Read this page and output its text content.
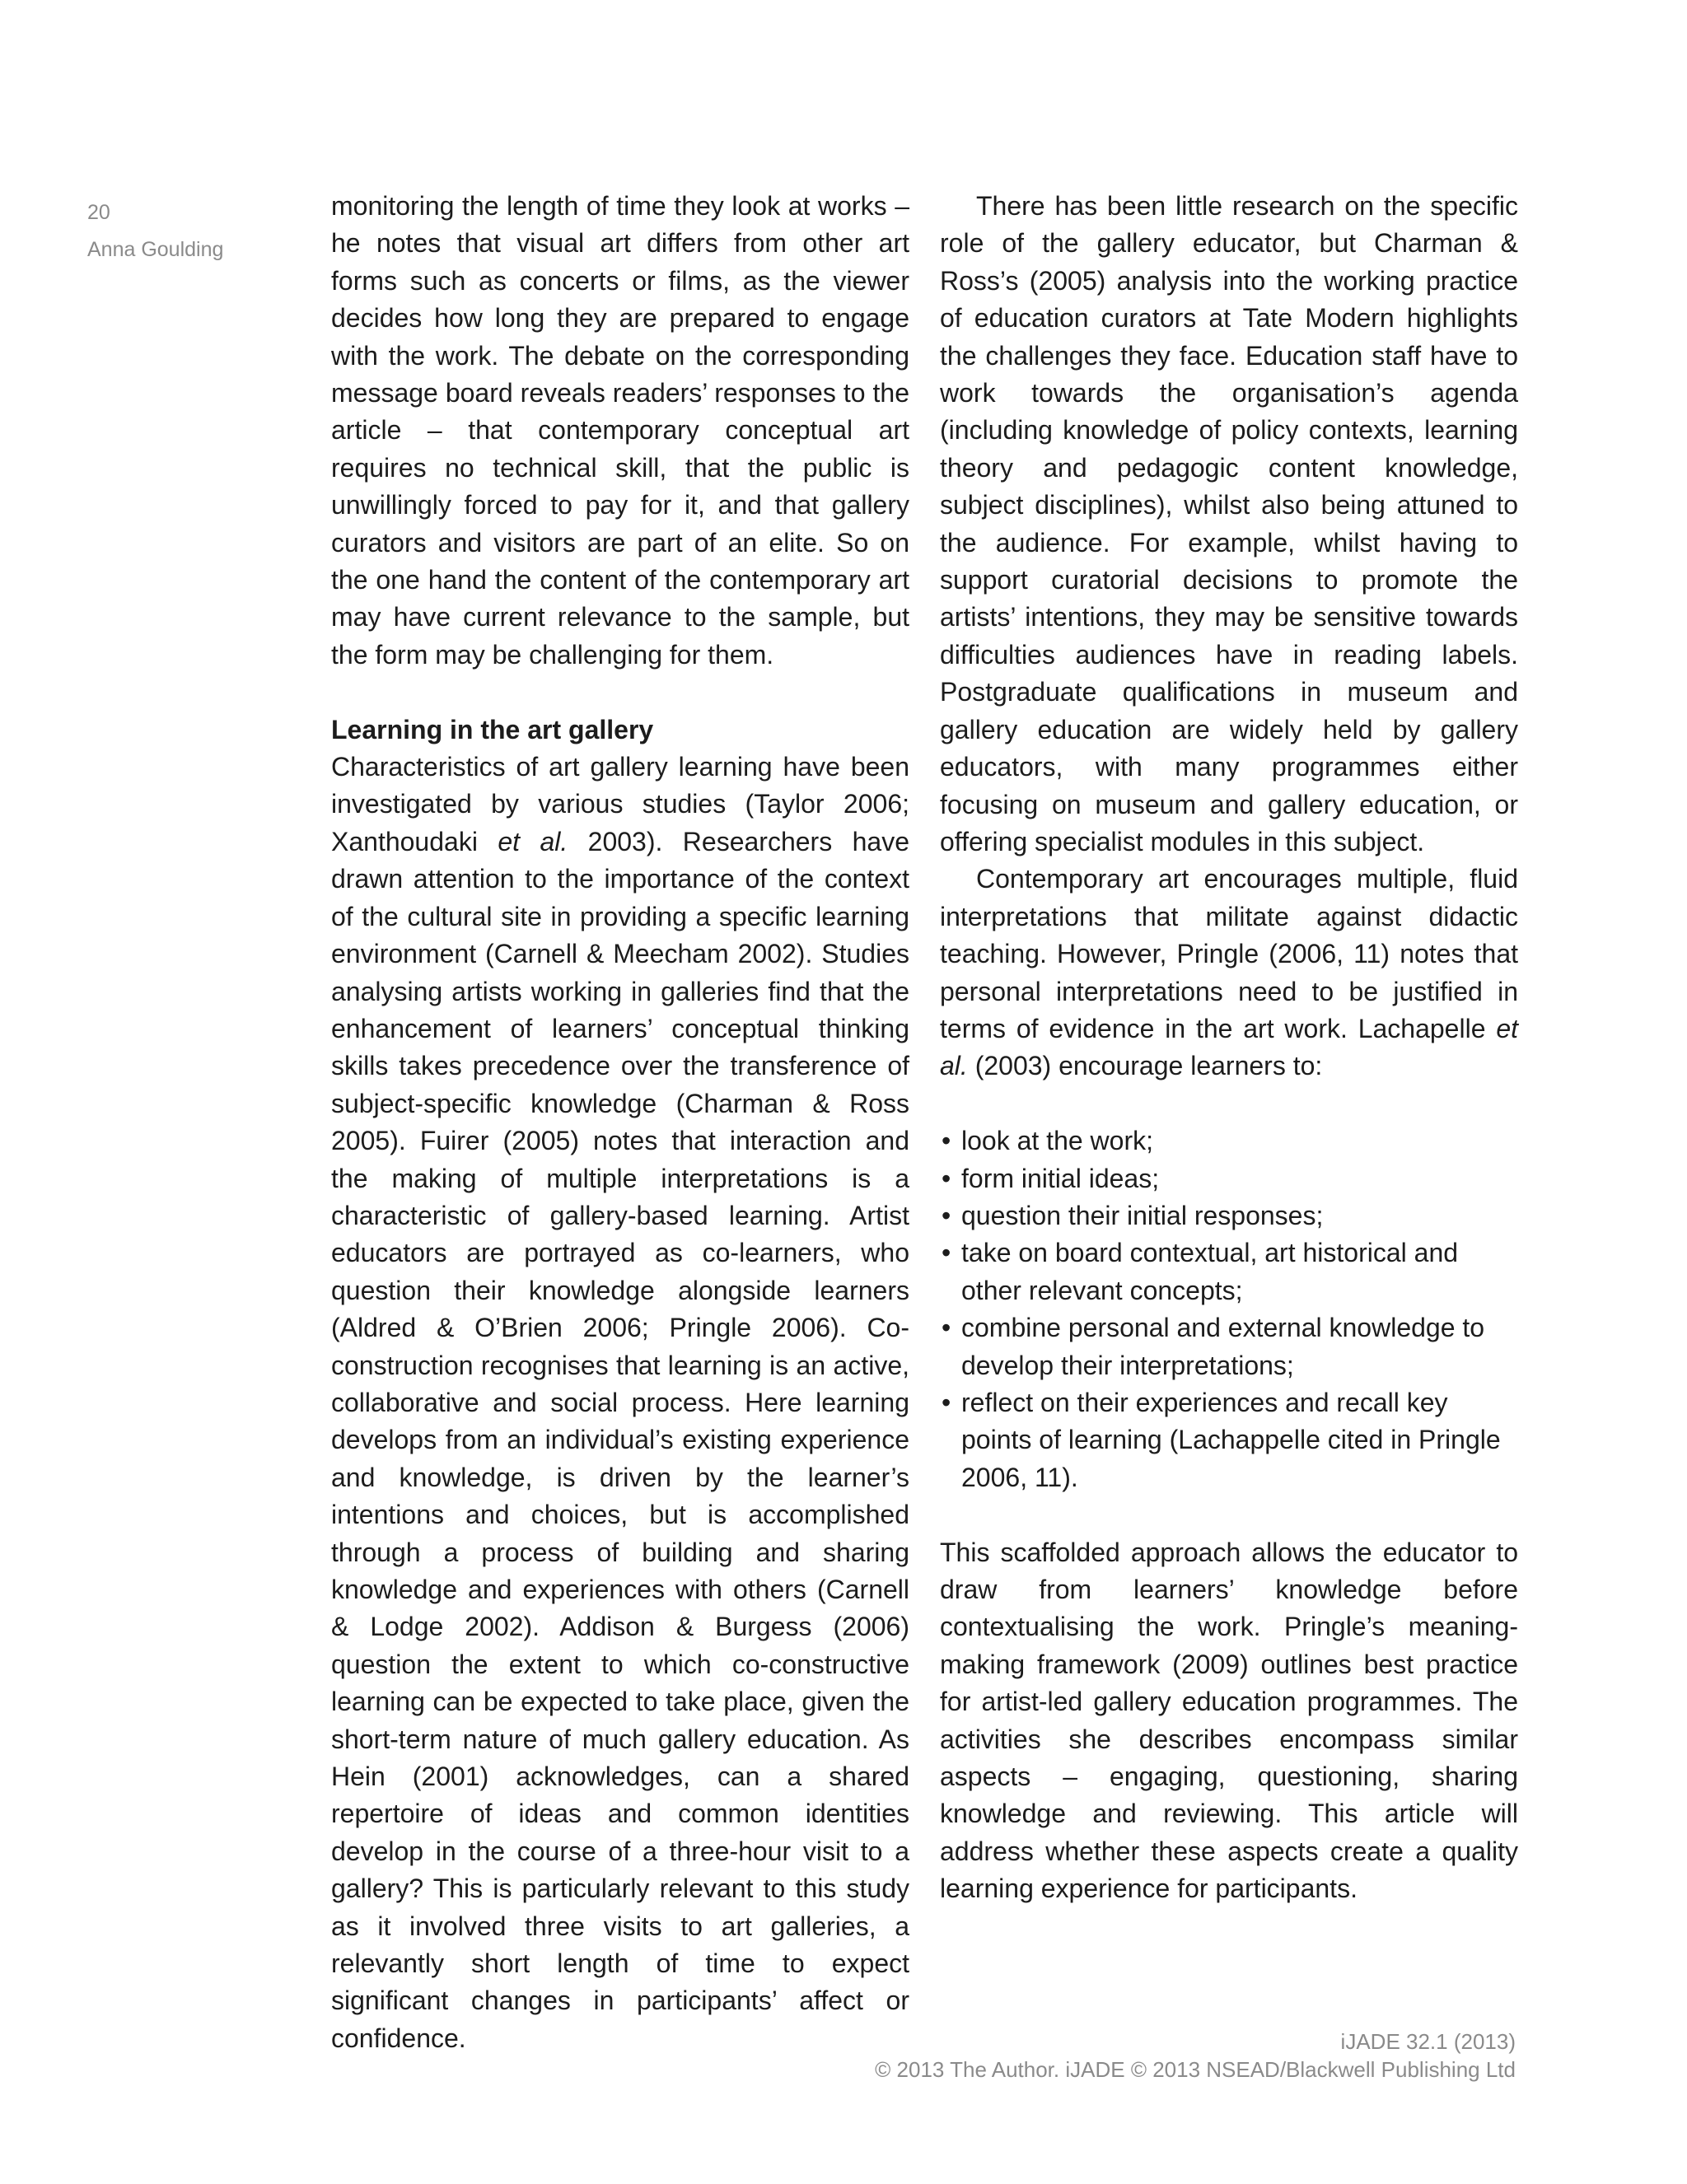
20
Anna Goulding

monitoring the length of time they look at works – he notes that visual art differs from other art forms such as concerts or films, as the viewer decides how long they are prepared to engage with the work. The debate on the corresponding message board reveals readers’ responses to the article – that contemporary conceptual art requires no technical skill, that the public is unwillingly forced to pay for it, and that gallery curators and visitors are part of an elite. So on the one hand the content of the contemporary art may have current relevance to the sample, but the form may be challenging for them.

Learning in the art gallery

Characteristics of art gallery learning have been investigated by various studies (Taylor 2006; Xanthoudaki et al. 2003). Researchers have drawn attention to the importance of the context of the cultural site in providing a specific learning environment (Carnell & Meecham 2002). Studies analysing artists working in galleries find that the enhancement of learners’ conceptual thinking skills takes precedence over the transference of subject-specific knowledge (Charman & Ross 2005). Fuirer (2005) notes that interaction and the making of multiple interpretations is a characteristic of gallery-based learning. Artist educators are portrayed as co-learners, who question their knowledge alongside learners (Aldred & O’Brien 2006; Pringle 2006). Co-construction recognises that learning is an active, collaborative and social process. Here learning develops from an individual’s existing experience and knowledge, is driven by the learner’s intentions and choices, but is accomplished through a process of building and sharing knowledge and experiences with others (Carnell & Lodge 2002). Addison & Burgess (2006) question the extent to which co-constructive learning can be expected to take place, given the short-term nature of much gallery education. As Hein (2001) acknowledges, can a shared repertoire of ideas and common identities develop in the course of a three-hour visit to a gallery? This is particularly relevant to this study as it involved three visits to art galleries, a relevantly short length of time to expect significant changes in participants’ affect or confidence.

There has been little research on the specific role of the gallery educator, but Charman & Ross’s (2005) analysis into the working practice of education curators at Tate Modern highlights the challenges they face. Education staff have to work towards the organisation’s agenda (including knowledge of policy contexts, learning theory and pedagogic content knowledge, subject disciplines), whilst also being attuned to the audience. For example, whilst having to support curatorial decisions to promote the artists’ intentions, they may be sensitive towards difficulties audiences have in reading labels. Postgraduate qualifications in museum and gallery education are widely held by gallery educators, with many programmes either focusing on museum and gallery education, or offering specialist modules in this subject.

Contemporary art encourages multiple, fluid interpretations that militate against didactic teaching. However, Pringle (2006, 11) notes that personal interpretations need to be justified in terms of evidence in the art work. Lachapelle et al. (2003) encourage learners to:

• look at the work;
• form initial ideas;
• question their initial responses;
• take on board contextual, art historical and other relevant concepts;
• combine personal and external knowledge to develop their interpretations;
• reflect on their experiences and recall key points of learning (Lachappelle cited in Pringle 2006, 11).

This scaffolded approach allows the educator to draw from learners’ knowledge before contextualising the work. Pringle’s meaning-making framework (2009) outlines best practice for artist-led gallery education programmes. The activities she describes encompass similar aspects – engaging, questioning, sharing knowledge and reviewing. This article will address whether these aspects create a quality learning experience for participants.

iJADE 32.1 (2013)
© 2013 The Author. iJADE © 2013 NSEAD/Blackwell Publishing Ltd
